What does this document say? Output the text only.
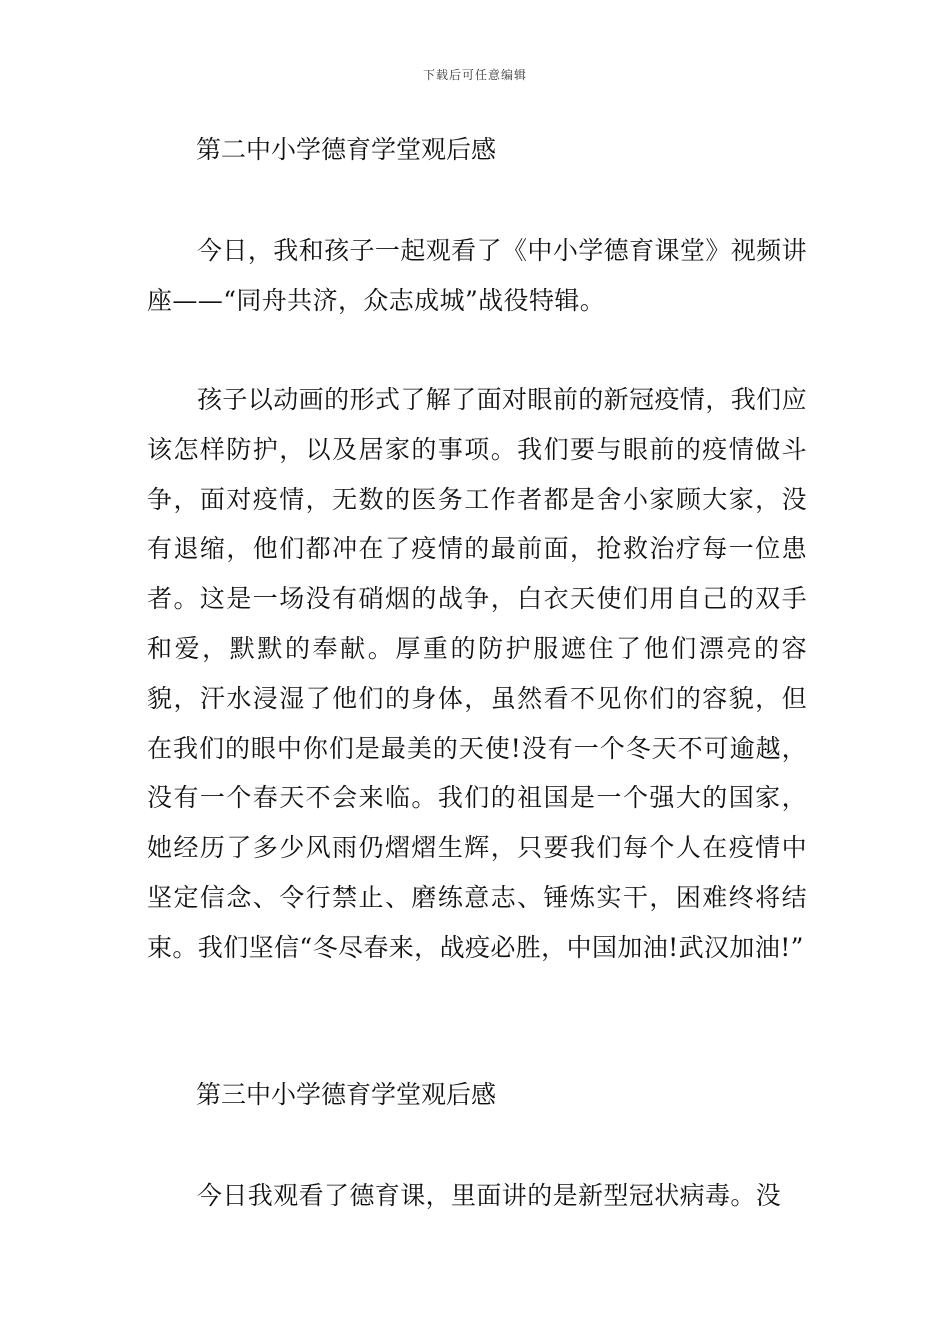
下载后可任意编辑
第二中小学德育学堂观后感
今日，我和孩子一起观看了《中小学德育课堂》视频讲座——“同舟共济，众志成城”战役特辑。
孩子以动画的形式了解了面对眼前的新冠疫情，我们应该怎样防护，以及居家的事项。我们要与眼前的疫情做斗争，面对疫情，无数的医务工作者都是舍小家顾大家，没有退缩，他们都冲在了疫情的最前面，抢救治疗每一位患者。这是一场没有硝烟的战争，白衣天使们用自己的双手和爱，默默的奉献。厚重的防护服遮住了他们漂亮的容貌，汗水浸湿了他们的身体，虽然看不见你们的容貌，但在我们的眼中你们是最美的天使!没有一个冬天不可逾越，没有一个春天不会来临。我们的祖国是一个强大的国家，她经历了多少风雨仍熠熠生辉，只要我们每个人在疫情中坚定信念、令行禁止、磨练意志、锤炼实干，困难终将结束。我们坚信“冬尽春来，战疫必胜，中国加油!武汉加油!”
第三中小学德育学堂观后感
今日我观看了德育课，里面讲的是新型冠状病毒。没
